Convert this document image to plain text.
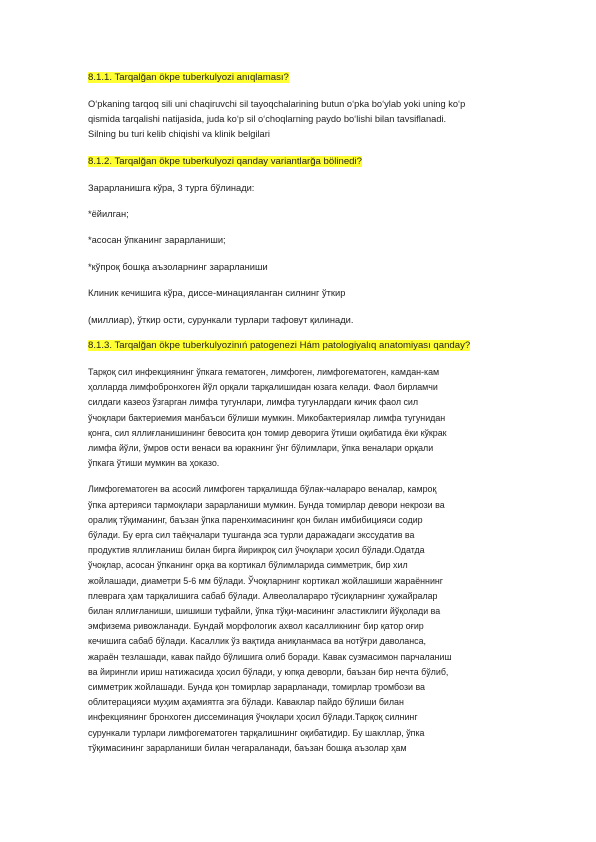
8.1.1. Tarqalğan ökpe tuberkulyozi anıqlaması?
O‘pkaning tarqoq sili uni chaqiruvchi sil tayoqchalarining butun o‘pka bo‘ylab yoki uning ko‘p
qismida tarqalishi natijasida, juda ko‘p sil o‘choqlarning paydo bo‘lishi bilan tavsiflanadi.
Silning bu turi kelib chiqishi va klinik belgilari
8.1.2. Tarqalğan ökpe tuberkulyozi qanday variantlarğa bölinedi?
Зарарланишга кўра, 3 турга бўлинади:
*ёйилган;
*асосан ўпканинг зарарланиши;
*кўпроқ бошқа аъзоларнинг зарарланиши
Клиник кечишига кўра, диссе-минацияланган силнинг ўткир
(миллиар), ўткир ости, сурункали турлари тафовут қилинади.
8.1.3. Tarqalğan ökpe tuberkulyozinıń patogenezi Hám patologiyalıq anatomiyası qanday?
Тарқоқ сил инфекциянинг ўпкага гематоген, лимфоген, лимфогематоген, камдан-кам
ҳолларда лимфобронхоген йўл орқали тарқалишидан юзага келади. Фаол бирламчи
силдаги казеоз ўзгарган лимфа тугунлари, лимфа тугунлардаги кичик фаол сил
ўчоқлари бактериемия манбаъси бўлиши мумкин. Микобактериялар лимфа тугунидан
қонга, сил яллиғланишининг бевосита қон томир деворига ўтиши оқибатида ёки кўкрак
лимфа йўли, ўмров ости венаси ва юракнинг ўнг бўлимлари, ўпка веналари орқали
ўпкага ўтиши мумкин ва ҳоказо.
Лимфогематоген ва асосий лимфоген тарқалишда бўлак-чалараро веналар, камроқ
ўпка артерияси тармоқлари зарарланиши мумкин. Бунда томирлар девори некрози ва
оралиқ тўқиманинг, баъзан ўпка паренхимасининг қон билан имбибицияси содир
бўлади. Бу ерга сил таёқчалари тушганда эса турли даражадаги экссудатив ва
продуктив яллиғланиш билан бирга йирикроқ сил ўчоқлари ҳосил бўлади.Одатда
ўчоқлар, асосан ўпканинг орқа ва кортикал бўлимларида симметрик, бир хил
жойлашади, диаметри 5-6 мм бўлади. Ўчоқларнинг кортикал жойлашиши жараённинг
плеврага ҳам тарқалишига сабаб бўлади. Алвеолалараро тўсиқларнинг ҳужайралар
билан яллиғланиши, шишиши туфайли, ўпка тўқи-масининг эластиклиги йўқолади ва
эмфизема ривожланади. Бундай морфологик ахвол касалликнинг бир қатор оғир
кечишига сабаб бўлади. Касаллик ўз вақтида аниқланмаса ва нотўғри даволанса,
жараён тезлашади, кавак пайдо бўлишига олиб боради. Кавак сузмасимон парчаланиш
ва йирингли ириш натижасида ҳосил бўлади, у юпқа деворли, баъзан бир нечта бўлиб,
симметрик жойлашади. Бунда қон томирлар зарарланади, томирлар тромбози ва
облитерацияси муҳим аҳамиятга эга бўлади. Каваклар пайдо бўлиши билан
инфекциянинг бронхоген диссеминация ўчоқлари ҳосил бўлади.Тарқоқ силнинг
сурункали турлари лимфогематоген тарқалишнинг оқибатидир. Бу шакллар, ўпка
тўқимасининг зарарланиши билан чегараланади, баъзан бошқа аъзолар ҳам
